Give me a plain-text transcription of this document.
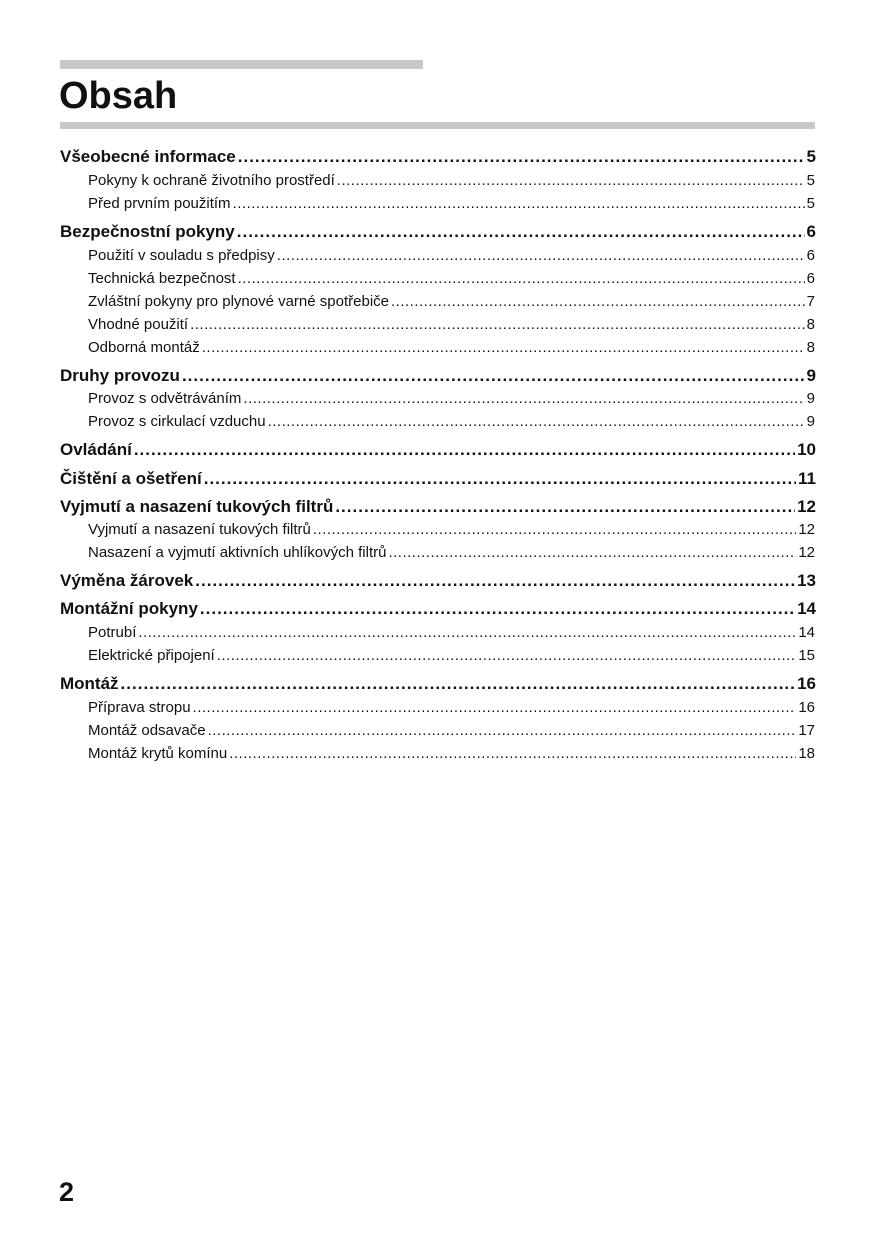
Obsah
Všeobecné informace .....	5
Pokyny k ochraně životního prostředí .....	5
Před prvním použitím .....	5
Bezpečnostní pokyny .....	6
Použití v souladu s předpisy .....	6
Technická bezpečnost .....	6
Zvláštní pokyny pro plynové varné spotřebiče .....	7
Vhodné použití .....	8
Odborná montáž .....	8
Druhy provozu .....	9
Provoz s odvětráváním .....	9
Provoz s cirkulací vzduchu .....	9
Ovládání .....	10
Čištění a ošetření .....	11
Vyjmutí a nasazení tukových filtrů .....	12
Vyjmutí a nasazení tukových filtrů .....	12
Nasazení a vyjmutí aktivních uhlíkových filtrů .....	12
Výměna žárovek .....	13
Montážní pokyny .....	14
Potrubí .....	14
Elektrické připojení .....	15
Montáž .....	16
Příprava stropu .....	16
Montáž odsavače .....	17
Montáž krytů komínu .....	18
2
